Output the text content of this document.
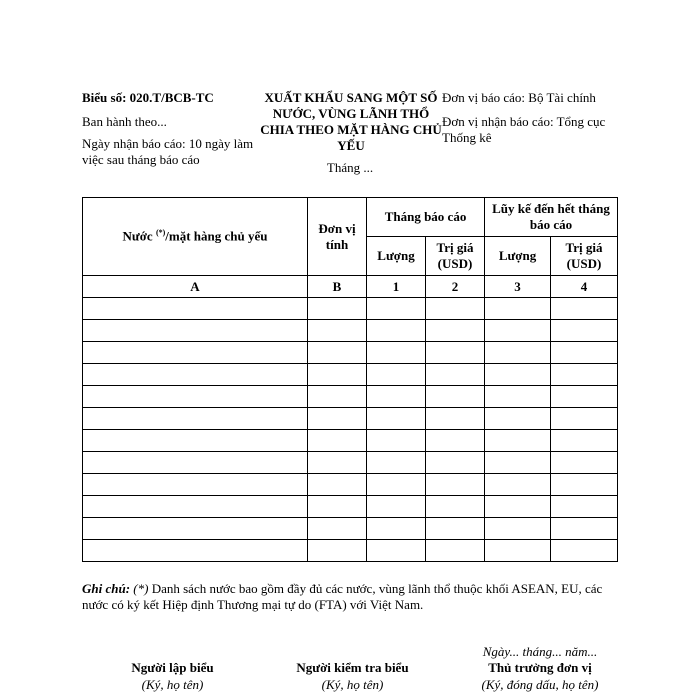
Biểu số: 020.T/BCB-TC
Ban hành theo...
Ngày nhận báo cáo: 10 ngày làm việc sau tháng báo cáo
XUẤT KHẨU SANG MỘT SỐ NƯỚC, VÙNG LÃNH THỔ CHIA THEO MẶT HÀNG CHỦ YẾU
Tháng ...
Đơn vị báo cáo: Bộ Tài chính
Đơn vị nhận báo cáo: Tổng cục Thống kê
Nước (*)/mặt hàng chủ yếu	Đơn vị tính	Tháng báo cáo		Lũy kế đến hết tháng báo cáo	
		Lượng	Trị giá (USD)	Lượng	Trị giá (USD)
A	B	1	2	3	4

Ghi chú: (*) Danh sách nước bao gồm đầy đủ các nước, vùng lãnh thổ thuộc khối ASEAN, EU, các nước có ký kết Hiệp định Thương mại tự do (FTA) với Việt Nam.
Ngày... tháng... năm...
Người lập biểu
(Ký, họ tên)
Người kiểm tra biểu
(Ký, họ tên)
Thủ trưởng đơn vị
(Ký, đóng dấu, họ tên)
